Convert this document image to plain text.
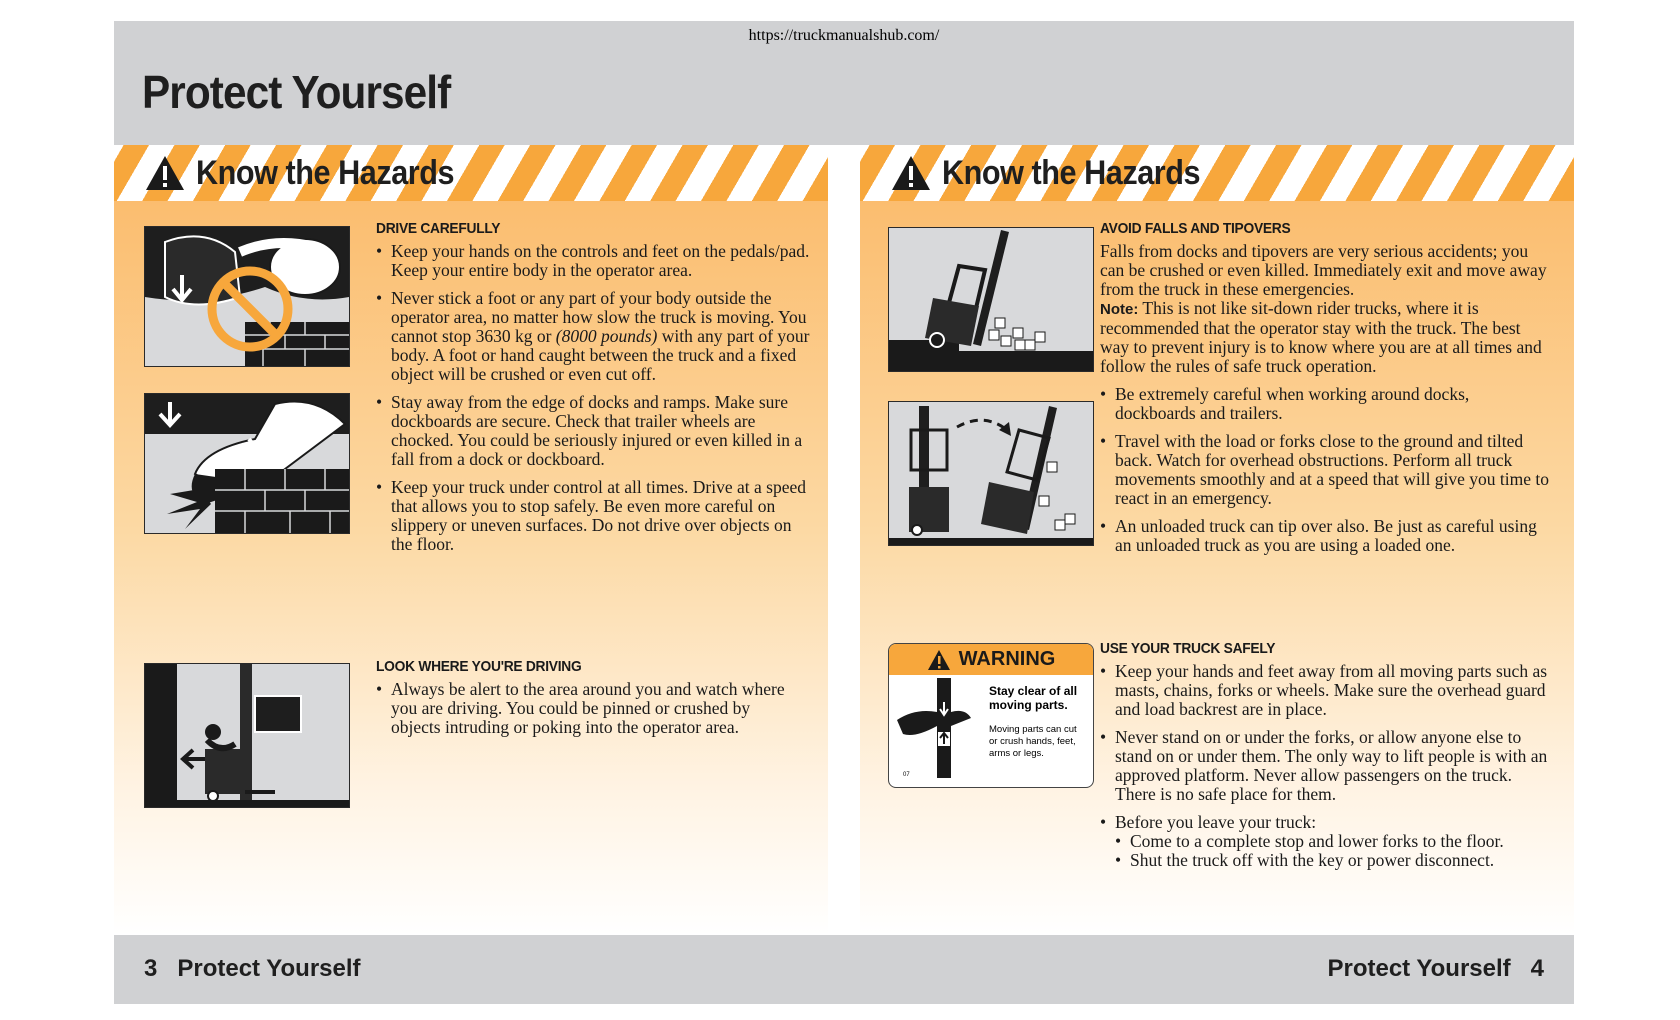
https://truckmanualshub.com/
Protect Yourself
Know the Hazards
DRIVE CAREFULLY
• Keep your hands on the controls and feet on the pedals/pad. Keep your entire body in the operator area.
• Never stick a foot or any part of your body outside the operator area, no matter how slow the truck is moving. You cannot stop 3630 kg or (8000 pounds) with any part of your body. A foot or hand caught between the truck and a fixed object will be crushed or even cut off.
• Stay away from the edge of docks and ramps. Make sure dockboards are secure. Check that trailer wheels are chocked. You could be seriously injured or even killed in a fall from a dock or dockboard.
• Keep your truck under control at all times. Drive at a speed that allows you to stop safely. Be even more careful on slippery or uneven surfaces. Do not drive over objects on the floor.
LOOK WHERE YOU'RE DRIVING
• Always be alert to the area around you and watch where you are driving. You could be pinned or crushed by objects intruding or poking into the operator area.
Know the Hazards
WARNING
Stay clear of all moving parts.
Moving parts can cut or crush hands, feet, arms or legs.
07
AVOID FALLS AND TIPOVERS
Falls from docks and tipovers are very serious accidents; you can be crushed or even killed. Immediately exit and move away from the truck in these emergencies.
Note: This is not like sit-down rider trucks, where it is recommended that the operator stay with the truck. The best way to prevent injury is to know where you are at all times and follow the rules of safe truck operation.
• Be extremely careful when working around docks, dockboards and trailers.
• Travel with the load or forks close to the ground and tilted back. Watch for overhead obstructions. Perform all truck movements smoothly and at a speed that will give you time to react in an emergency.
• An unloaded truck can tip over also. Be just as careful using an unloaded truck as you are using a loaded one.
USE YOUR TRUCK SAFELY
• Keep your hands and feet away from all moving parts such as masts, chains, forks or wheels. Make sure the overhead guard and load backrest are in place.
• Never stand on or under the forks, or allow anyone else to stand on or under them. The only way to lift people is with an approved platform. Never allow passengers on the truck. There is no safe place for them.
• Before you leave your truck:
• Come to a complete stop and lower forks to the floor.
• Shut the truck off with the key or power disconnect.
3   Protect Yourself	Protect Yourself   4
